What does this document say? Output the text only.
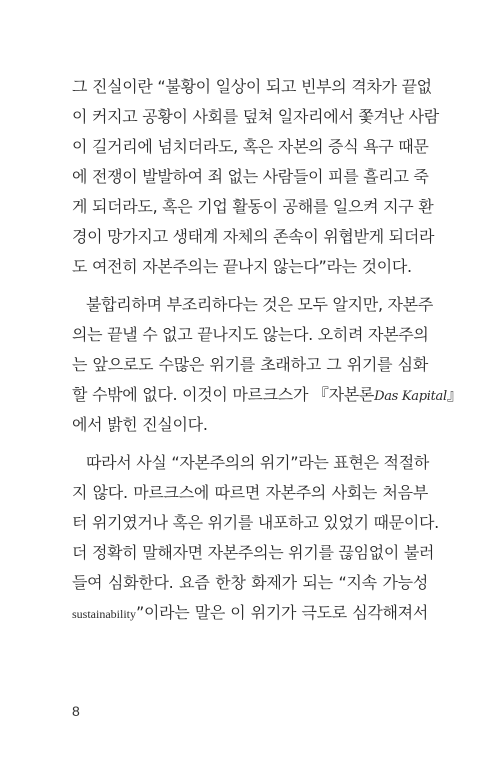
그 진실이란 “불황이 일상이 되고 빈부의 격차가 끝없
이 커지고 공황이 사회를 덮쳐 일자리에서 쫓겨난 사람
이 길거리에 넘치더라도, 혹은 자본의 증식 욕구 때문
에 전쟁이 발발하여 죄 없는 사람들이 피를 흘리고 죽
게 되더라도, 혹은 기업 활동이 공해를 일으켜 지구 환
경이 망가지고 생태계 자체의 존속이 위협받게 되더라
도 여전히 자본주의는 끝나지 않는다”라는 것이다.
불합리하며 부조리하다는 것은 모두 알지만, 자본주
의는 끝낼 수 없고 끝나지도 않는다. 오히려 자본주의
는 앞으로도 수많은 위기를 초래하고 그 위기를 심화
할 수밖에 없다. 이것이 마르크스가 『자본론Das Kapital』
에서 밝힌 진실이다.
따라서 사실 “자본주의의 위기”라는 표현은 적절하
지 않다. 마르크스에 따르면 자본주의 사회는 처음부
터 위기였거나 혹은 위기를 내포하고 있었기 때문이다.
더 정확히 말해자면 자본주의는 위기를 끊임없이 불러
들여 심화한다. 요즘 한창 화제가 되는 “지속 가능성
sustainability”이라는 말은 이 위기가 극도로 심각해져서
8
